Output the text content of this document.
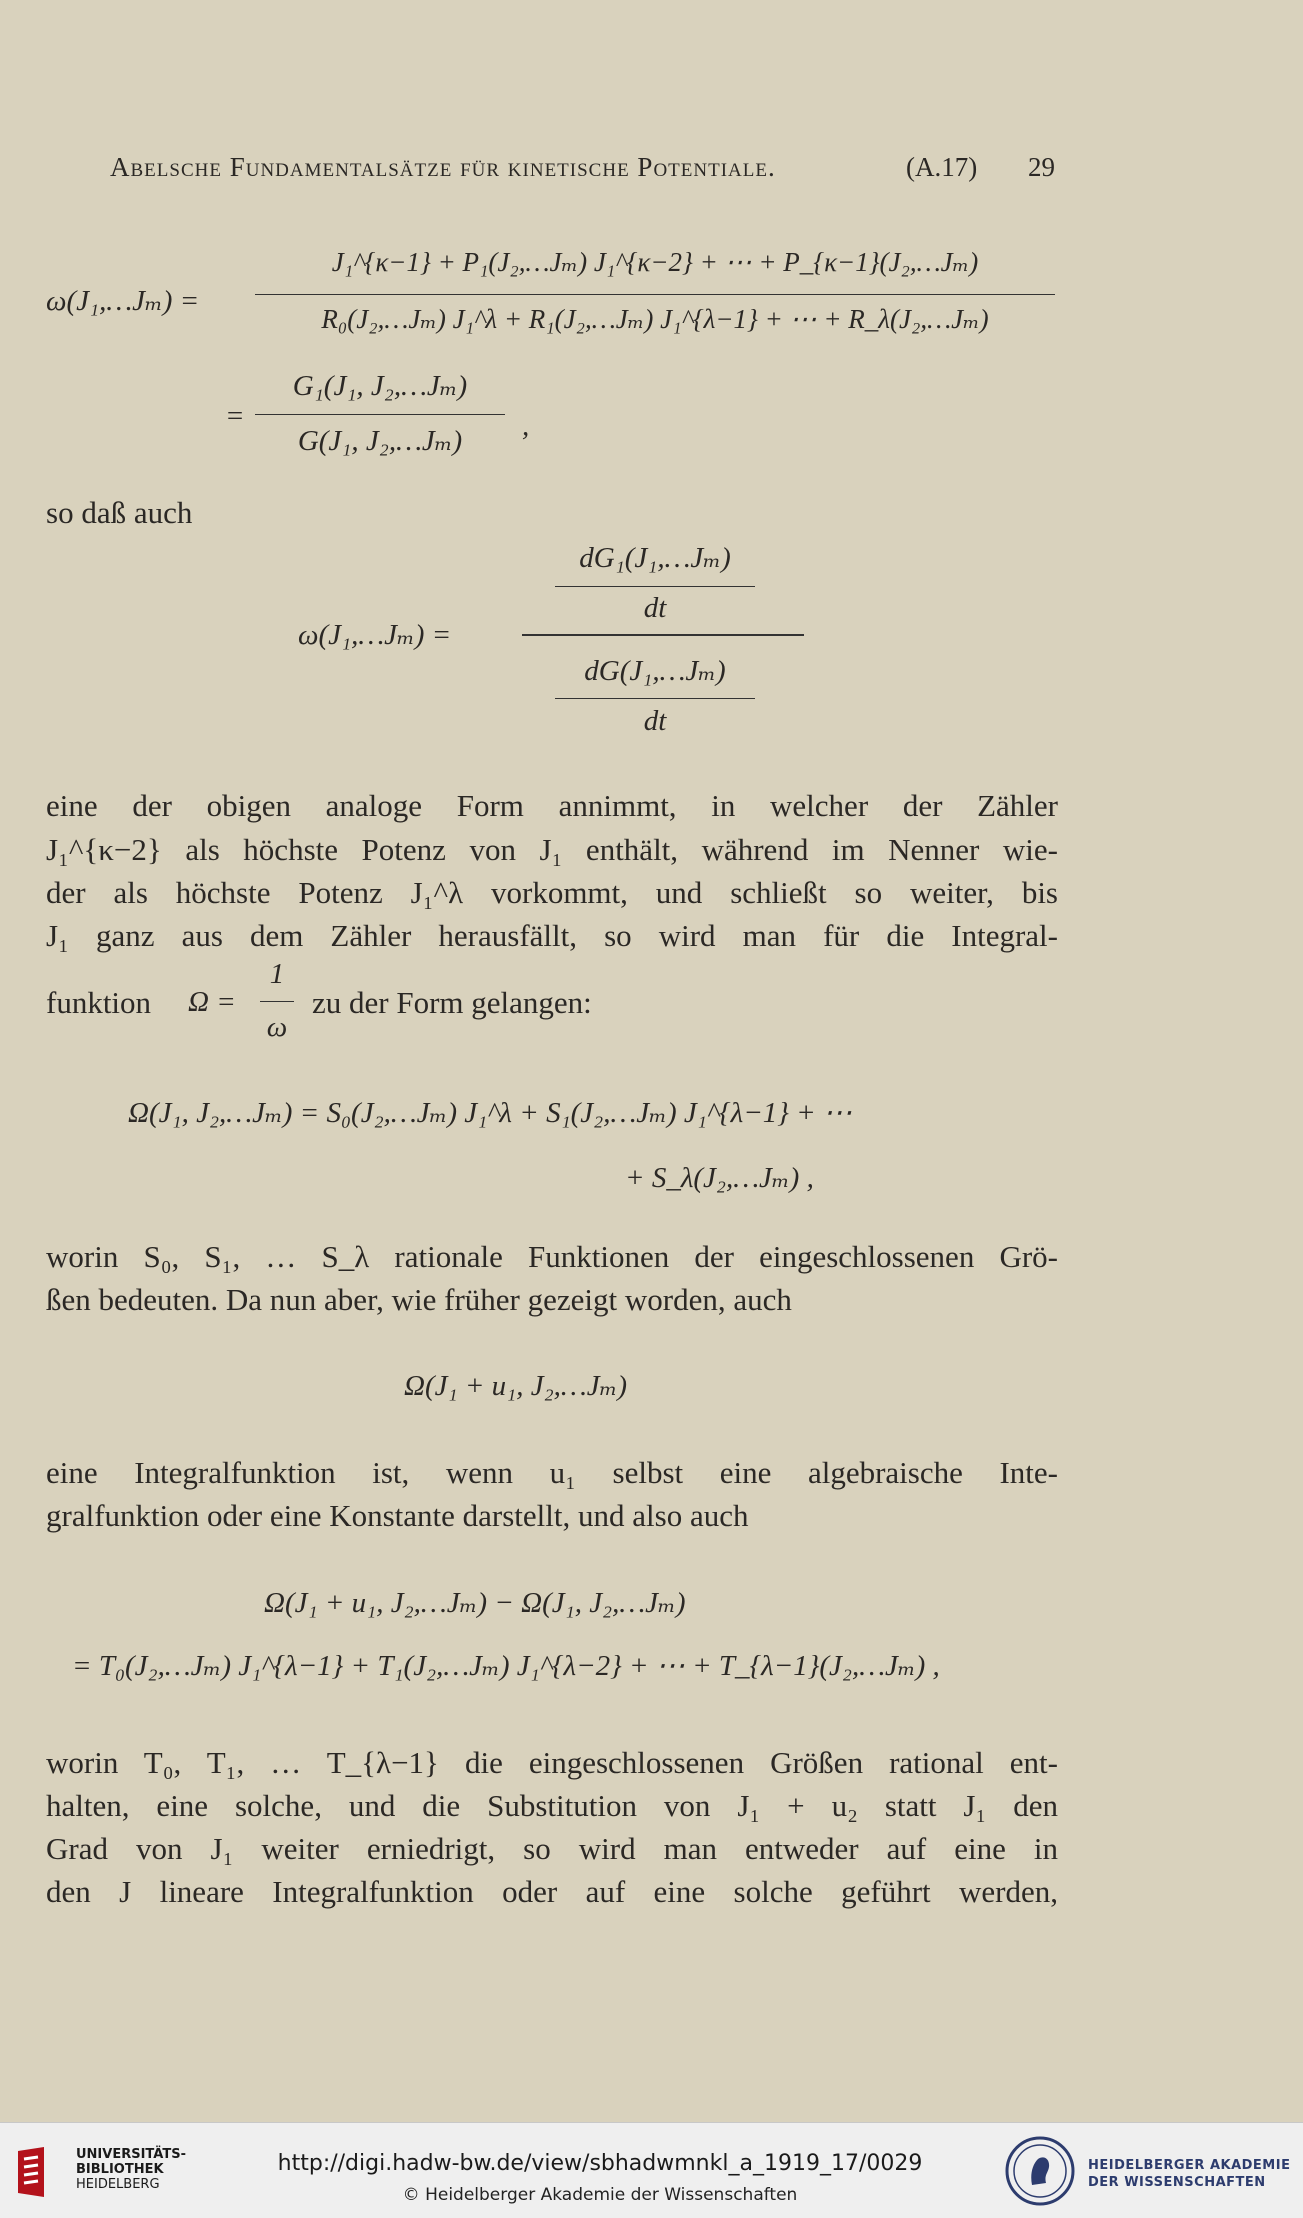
Abelsche Fundamentalsätze für kinetische Potentiale.	(A.17) 29
ω(J₁,…Jₘ) =
J₁^{κ−1} + P₁(J₂,…Jₘ) J₁^{κ−2} + ⋯ + P_{κ−1}(J₂,…Jₘ)
R₀(J₂,…Jₘ) J₁^λ + R₁(J₂,…Jₘ) J₁^{λ−1} + ⋯ + R_λ(J₂,…Jₘ)
=
G₁(J₁, J₂,…Jₘ)
G(J₁, J₂,…Jₘ)	,
so daß auch
ω(J₁,…Jₘ) =
dG₁(J₁,…Jₘ)
dt
dG(J₁,…Jₘ)
dt
eine der obigen analoge Form annimmt, in welcher der Zähler
J₁^{κ−2} als höchste Potenz von J₁ enthält, während im Nenner wie-
der als höchste Potenz J₁^λ vorkommt, und schließt so weiter, bis
J₁ ganz aus dem Zähler herausfällt, so wird man für die Integral-
funktion Ω =
1
ω
zu der Form gelangen:
Ω(J₁, J₂,…Jₘ) = S₀(J₂,…Jₘ) J₁^λ + S₁(J₂,…Jₘ) J₁^{λ−1} + ⋯
+ S_λ(J₂,…Jₘ) ,
worin S₀, S₁, … S_λ rationale Funktionen der eingeschlossenen Grö-
ßen bedeuten. Da nun aber, wie früher gezeigt worden, auch
Ω(J₁ + u₁, J₂,…Jₘ)
eine Integralfunktion ist, wenn u₁ selbst eine algebraische Inte-
gralfunktion oder eine Konstante darstellt, und also auch
Ω(J₁ + u₁, J₂,…Jₘ) − Ω(J₁, J₂,…Jₘ)
= T₀(J₂,…Jₘ) J₁^{λ−1} + T₁(J₂,…Jₘ) J₁^{λ−2} + ⋯ + T_{λ−1}(J₂,…Jₘ) ,
worin T₀, T₁, … T_{λ−1} die eingeschlossenen Größen rational ent-
halten, eine solche, und die Substitution von J₁ + u₂ statt J₁ den
Grad von J₁ weiter erniedrigt, so wird man entweder auf eine in
den J lineare Integralfunktion oder auf eine solche geführt werden,
UNIVERSITÄTS-
BIBLIOTHEK
HEIDELBERG
http://digi.hadw-bw.de/view/sbhadwmnkl_a_1919_17/0029
© Heidelberger Akademie der Wissenschaften
HEIDELBERGER AKADEMIE
DER WISSENSCHAFTEN
